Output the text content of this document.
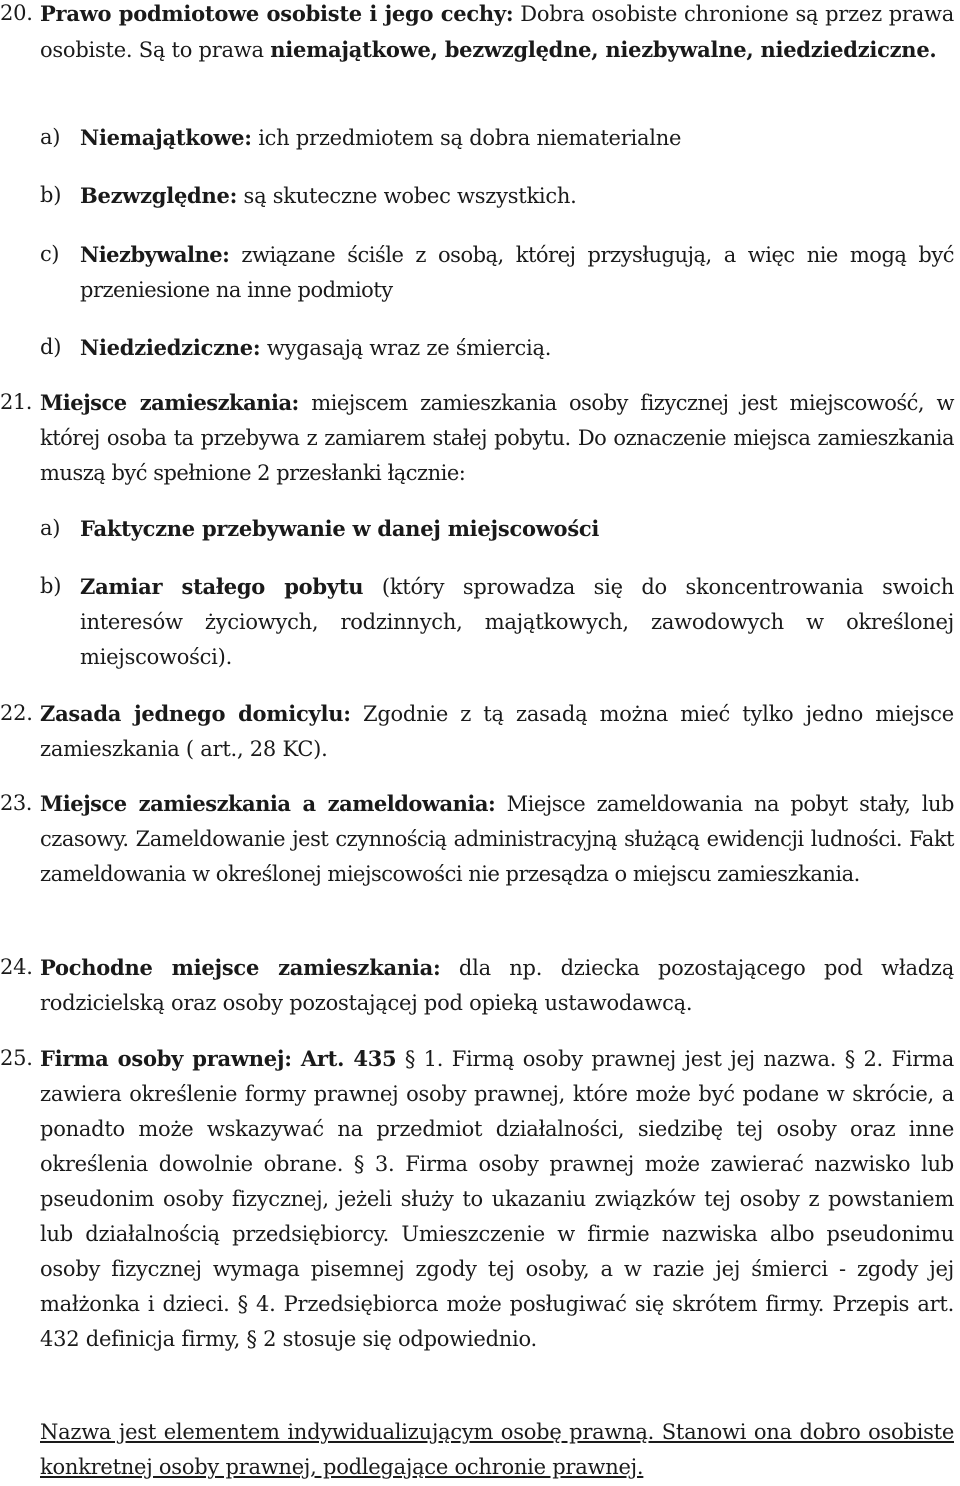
20. Prawo podmiotowe osobiste i jego cechy: Dobra osobiste chronione są przez prawa osobiste. Są to prawa niemajątkowe, bezwzględne, niezbywalne, niedziedziczne.

a) Niemajątkowe: ich przedmiotem są dobra niematerialne

b) Bezwzględne: są skuteczne wobec wszystkich.

c) Niezbywalne: związane ściśle z osobą, której przysługują, a więc nie mogą być przeniesione na inne podmioty

d) Niedziedziczne: wygasają wraz ze śmiercią.

21. Miejsce zamieszkania: miejscem zamieszkania osoby fizycznej jest miejscowość, w której osoba ta przebywa z zamiarem stałej pobytu. Do oznaczenie miejsca zamieszkania muszą być spełnione 2 przesłanki łącznie:

a) Faktyczne przebywanie w danej miejscowości

b) Zamiar stałego pobytu (który sprowadza się do skoncentrowania swoich interesów życiowych, rodzinnych, majątkowych, zawodowych w określonej miejscowości).

22. Zasada jednego domicylu: Zgodnie z tą zasadą można mieć tylko jedno miejsce zamieszkania ( art., 28 KC).

23. Miejsce zamieszkania a zameldowania: Miejsce zameldowania na pobyt stały, lub czasowy. Zameldowanie jest czynnością administracyjną służącą ewidencji ludności. Fakt zameldowania w określonej miejscowości nie przesądza o miejscu zamieszkania.

24. Pochodne miejsce zamieszkania: dla np. dziecka pozostającego pod władzą rodzicielską oraz osoby pozostającej pod opieką ustawodawcą.

25. Firma osoby prawnej: Art. 435 § 1. Firmą osoby prawnej jest jej nazwa. § 2. Firma zawiera określenie formy prawnej osoby prawnej, które może być podane w skrócie, a ponadto może wskazywać na przedmiot działalności, siedzibę tej osoby oraz inne określenia dowolnie obrane. § 3. Firma osoby prawnej może zawierać nazwisko lub pseudonim osoby fizycznej, jeżeli służy to ukazaniu związków tej osoby z powstaniem lub działalnością przedsiębiorcy. Umieszczenie w firmie nazwiska albo pseudonimu osoby fizycznej wymaga pisemnej zgody tej osoby, a w razie jej śmierci - zgody jej małżonka i dzieci. § 4. Przedsiębiorca może posługiwać się skrótem firmy. Przepis art. 432 definicja firmy, § 2 stosuje się odpowiednio.

Nazwa jest elementem indywidualizującym osobę prawną. Stanowi ona dobro osobiste konkretnej osoby prawnej, podlegające ochronie prawnej.
